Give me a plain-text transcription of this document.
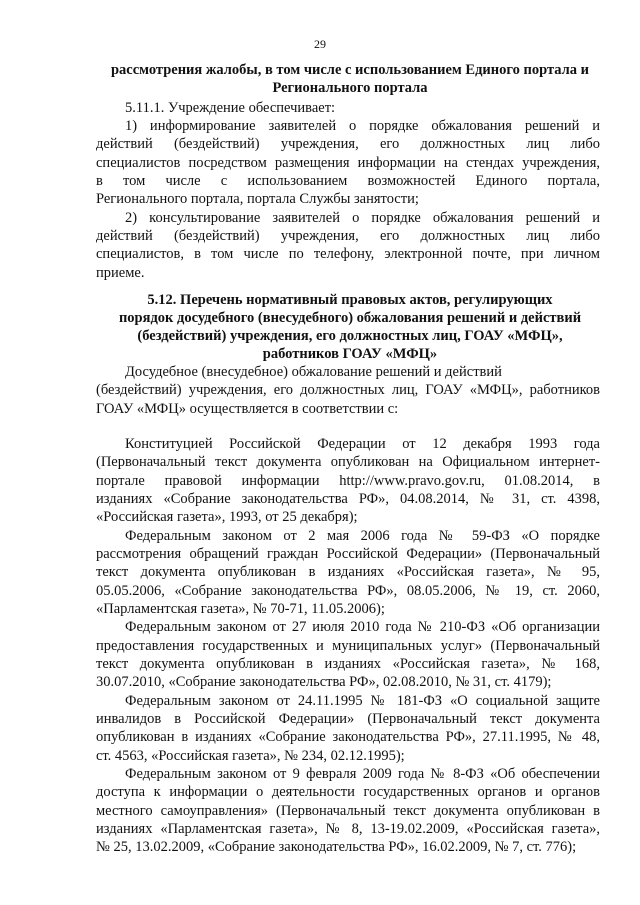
29
рассмотрения жалобы, в том числе с использованием Единого портала и
Регионального портала
5.11.1. Учреждение обеспечивает:
1) информирование заявителей о порядке обжалования решений и
действий (бездействий) учреждения, его должностных лиц либо
специалистов посредством размещения информации на стендах учреждения,
в том числе с использованием возможностей Единого портала,
Регионального портала, портала Службы занятости;
2) консультирование заявителей о порядке обжалования решений и
действий (бездействий) учреждения, его должностных лиц либо
специалистов, в том числе по телефону, электронной почте, при личном
приеме.
5.12. Перечень нормативный правовых актов, регулирующих
порядок досудебного (внесудебного) обжалования решений и действий
(бездействий) учреждения, его должностных лиц, ГОАУ «МФЦ»,
работников ГОАУ «МФЦ»
Досудебное (внесудебное) обжалование решений и действий
(бездействий) учреждения, его должностных лиц, ГОАУ «МФЦ», работников
ГОАУ «МФЦ» осуществляется в соответствии с:
Конституцией Российской Федерации от 12 декабря 1993 года
(Первоначальный текст документа опубликован на Официальном интернет-
портале правовой информации http://www.pravo.gov.ru, 01.08.2014, в
изданиях «Собрание законодательства РФ», 04.08.2014, № 31, ст. 4398,
«Российская газета», 1993, от 25 декабря);
Федеральным законом от 2 мая 2006 года № 59-ФЗ «О порядке
рассмотрения обращений граждан Российской Федерации» (Первоначальный
текст документа опубликован в изданиях «Российская газета», № 95,
05.05.2006, «Собрание законодательства РФ», 08.05.2006, № 19, ст. 2060,
«Парламентская газета», № 70-71, 11.05.2006);
Федеральным законом от 27 июля 2010 года № 210-ФЗ «Об организации
предоставления государственных и муниципальных услуг» (Первоначальный
текст документа опубликован в изданиях «Российская газета», № 168,
30.07.2010, «Собрание законодательства РФ», 02.08.2010, № 31, ст. 4179);
Федеральным законом от 24.11.1995 № 181-ФЗ «О социальной защите
инвалидов в Российской Федерации» (Первоначальный текст документа
опубликован в изданиях «Собрание законодательства РФ», 27.11.1995, № 48,
ст. 4563, «Российская газета», № 234, 02.12.1995);
Федеральным законом от 9 февраля 2009 года № 8-ФЗ «Об обеспечении
доступа к информации о деятельности государственных органов и органов
местного самоуправления» (Первоначальный текст документа опубликован в
изданиях «Парламентская газета», № 8, 13-19.02.2009, «Российская газета»,
№ 25, 13.02.2009, «Собрание законодательства РФ», 16.02.2009, № 7, ст. 776);
